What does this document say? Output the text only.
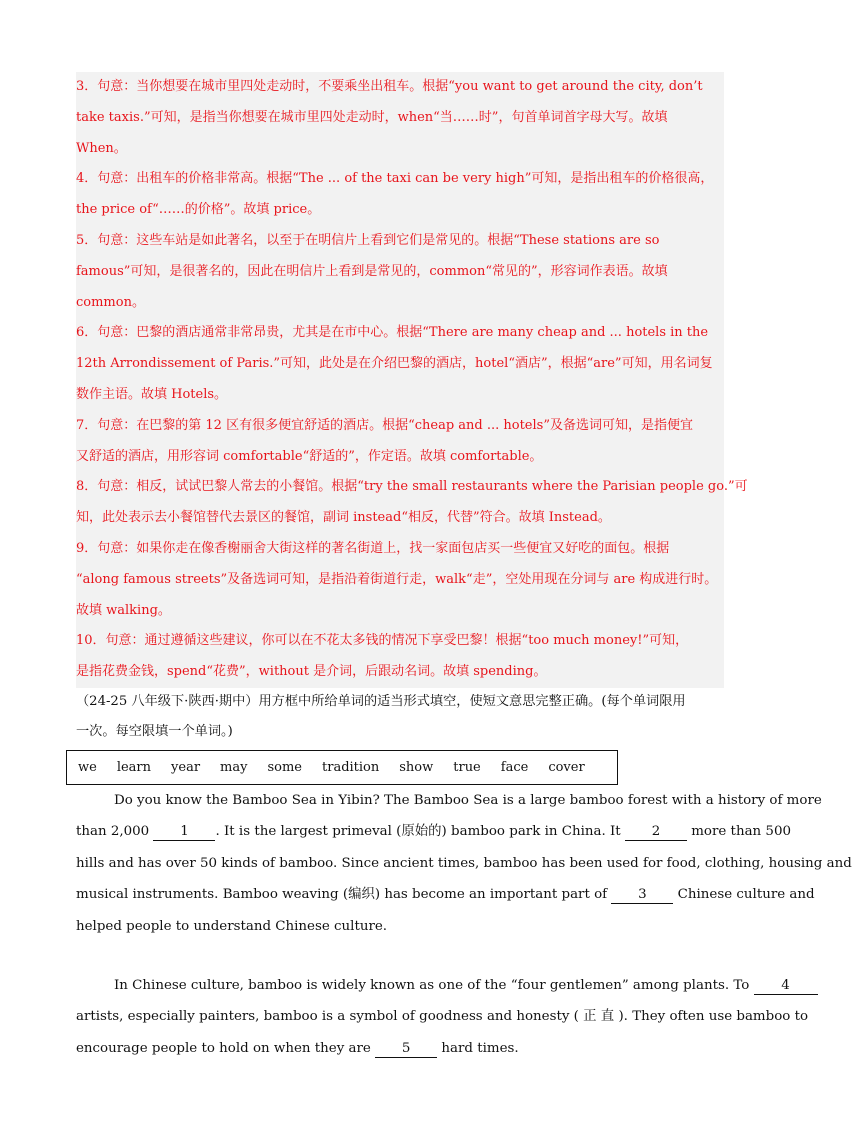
3．句意：当你想要在城市里四处走动时，不要乘坐出租车。根据“you want to get around the city, don’t
take taxis.”可知，是指当你想要在城市里四处走动时，when“当……时”，句首单词首字母大写。故填
When。
4．句意：出租车的价格非常高。根据“The ... of the taxi can be very high”可知，是指出租车的价格很高，
the price of“……的价格”。故填 price。
5．句意：这些车站是如此著名，以至于在明信片上看到它们是常见的。根据“These stations are so
famous”可知，是很著名的，因此在明信片上看到是常见的，common“常见的”，形容词作表语。故填
common。
6．句意：巴黎的酒店通常非常昂贵，尤其是在市中心。根据“There are many cheap and ... hotels in the
12th Arrondissement of Paris.”可知，此处是在介绍巴黎的酒店，hotel“酒店”，根据“are”可知，用名词复
数作主语。故填 Hotels。
7．句意：在巴黎的第 12 区有很多便宜舒适的酒店。根据“cheap and ... hotels”及备选词可知，是指便宜
又舒适的酒店，用形容词 comfortable“舒适的”，作定语。故填 comfortable。
8．句意：相反，试试巴黎人常去的小餐馆。根据“try the small restaurants where the Parisian people go.”可
知，此处表示去小餐馆替代去景区的餐馆，副词 instead“相反，代替”符合。故填 Instead。
9．句意：如果你走在像香榭丽舍大街这样的著名街道上，找一家面包店买一些便宜又好吃的面包。根据
“along famous streets”及备选词可知，是指沿着街道行走，walk“走”，空处用现在分词与 are 构成进行时。
故填 walking。
10．句意：通过遵循这些建议，你可以在不花太多钱的情况下享受巴黎！根据“too much money!”可知，
是指花费金钱，spend“花费”，without 是介词，后跟动名词。故填 spending。
（24-25 八年级下·陕西·期中）用方框中所给单词的适当形式填空，使短文意思完整正确。(每个单词限用
一次。每空限填一个单词。)
we learn year may some tradition show true face cover
Do you know the Bamboo Sea in Yibin? The Bamboo Sea is a large bamboo forest with a history of more
than 2,000 1 . It is the largest primeval (原始的) bamboo park in China. It 2 more than 500
hills and has over 50 kinds of bamboo. Since ancient times, bamboo has been used for food, clothing, housing and
musical instruments. Bamboo weaving (编织) has become an important part of 3 Chinese culture and
helped people to understand Chinese culture.
In Chinese culture, bamboo is widely known as one of the “four gentlemen” among plants. To 4
artists, especially painters, bamboo is a symbol of goodness and honesty ( 正 直 ). They often use bamboo to
encourage people to hold on when they are 5 hard times.
